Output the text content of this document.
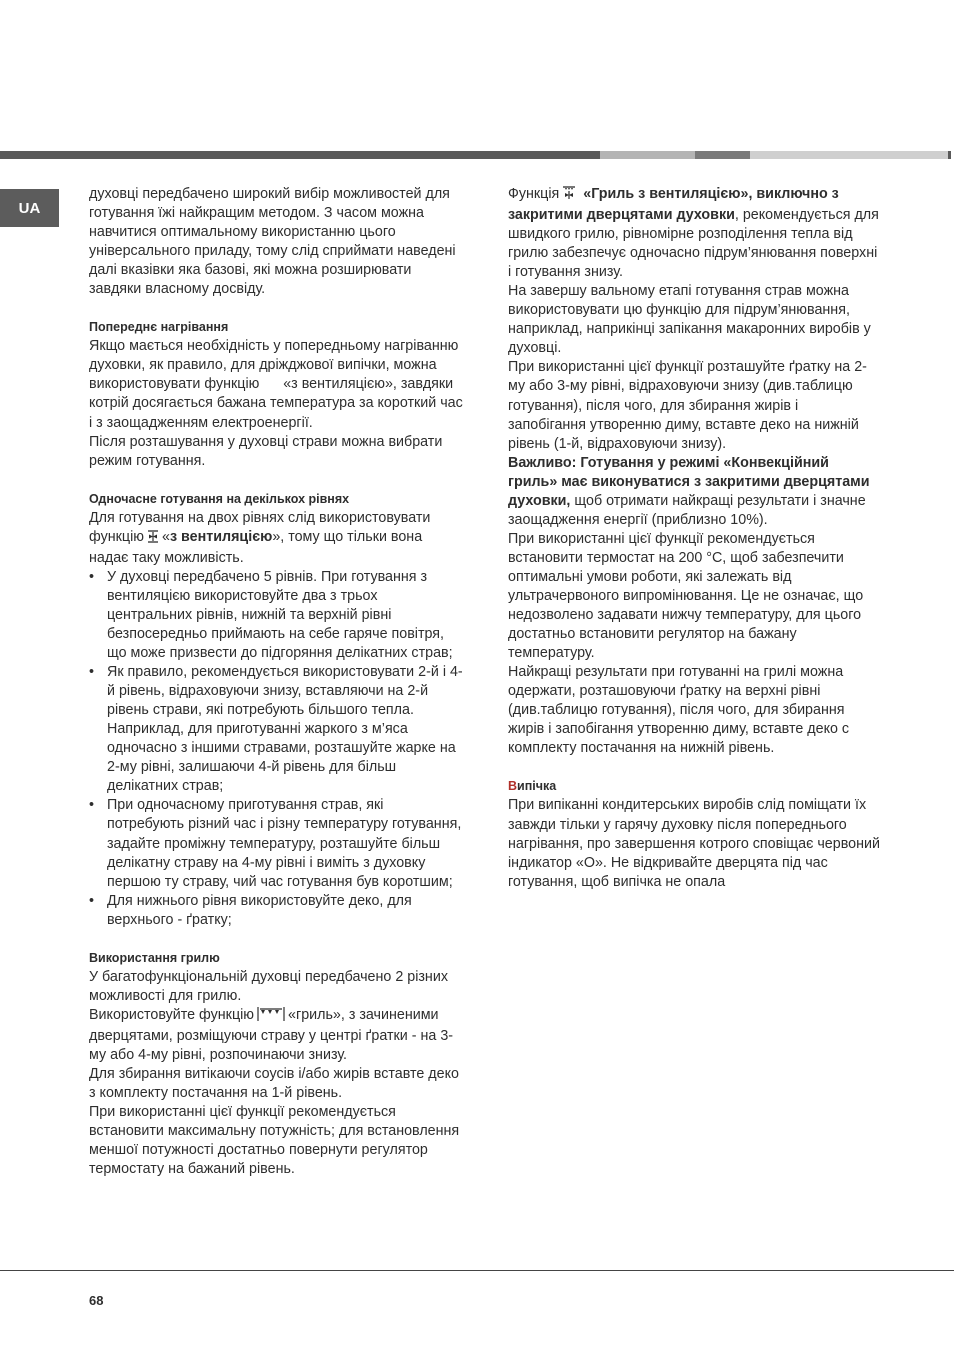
UA

духовці передбачено широкий вибір можливостей для готування їжі найкращим методом. З часом можна навчитися оптимальному використанню цього універсального приладу, тому слід сприймати наведені далі вказівки яка базові, які можна розширювати завдяки власному досвіду.

Попереднє нагрівання

Якщо мається необхідність у попередньому нагріванню духовки, як правило, для дріжджової випічки, можна використовувати функцію «з вентиляцією», завдяки котрій досягається бажана температура за короткий час і з заощадженням електроенергії.

Після розташування у духовці страви можна вибрати режим готування.

Одночасне готування на декількох рівнях

Для готування на двох рівнях слід використовувати функцію «з вентиляцією», тому що тільки вона надає таку можливість.

• У духовці передбачено 5 рівнів. При готування з вентиляцією використовуйте два з трьох центральних рівнів, нижній та верхній рівні безпосередньо приймають на себе гаряче повітря, що може призвести до підгоряння делікатних страв;
• Як правило, рекомендується використовувати 2-й і 4-й рівень, відраховуючи знизу, вставляючи на 2-й рівень страви, які потребують більшого тепла. Наприклад, для приготуванні жаркого з м’яса одночасно з іншими стравами, розташуйте жарке на 2-му рівні, залишаючи 4-й рівень для більш делікатних страв;
• При одночасному приготування страв, які потребують різний час і різну температуру готування, задайте проміжну температуру, розташуйте більш делікатну страву на 4-му рівні і виміть з духовку першою ту страву, чий час готування був коротшим;
• Для нижнього рівня використовуйте деко, для верхнього - ґратку;

Використання грилю

У багатофункціональній духовці передбачено 2 різних можливості для грилю.

Використовуйте функцію «гриль», з зачиненими дверцятами, розміщуючи страву у центрі ґратки - на 3-му або 4-му рівні, розпочинаючи знизу.

Для збирання витікаючи соусів і/або жирів вставте деко з комплекту постачання на 1-й рівень.

При використанні цієї функції рекомендується встановити максимальну потужність; для встановлення меншої потужності достатньо повернути регулятор термостату на бажаний рівень.

Функція «Гриль з вентиляцією», виключно з закритими дверцятами духовки, рекомендується для швидкого грилю, рівномірне розподілення тепла від грилю забезпечує одночасно підрум’янювання поверхні і готування знизу.

На завершу вальному етапі готування страв можна використовувати цю функцію для підрум’янювання, наприклад, наприкінці запікання макаронних виробів у духовці.

При використанні цієї функції розташуйте ґратку на 2-му або 3-му рівні, відраховуючи знизу (див.таблицю готування), після чого, для збирання жирів і запобігання утворенню диму, вставте деко на нижній рівень (1-й, відраховуючи знизу).

Важливо: Готування у режимі «Конвекційний гриль» має виконуватися з закритими дверцятами духовки, щоб отримати найкращі результати і значне заощадження енергії (приблизно 10%).

При використанні цієї функції рекомендується встановити термостат на 200 °C, щоб забезпечити оптимальні умови роботи, які залежать від ультрачервоного випромінювання. Це не означає, що недозволено задавати нижчу температуру, для цього достатньо встановити регулятор на бажану температуру.

Найкращі результати при готуванні на грилі можна одержати, розташовуючи ґратку на верхні рівні (див.таблицю готування), після чого, для збирання жирів і запобігання утворенню диму, вставте деко с комплекту постачання на нижній рівень.

Випічка

При випіканні кондитерських виробів слід поміщати їх завжди тільки у гарячу духовку після попереднього нагрівання, про завершення котрого сповіщає червоний індикатор «O». Не відкривайте дверцята під час готування, щоб випічка не опала

68
